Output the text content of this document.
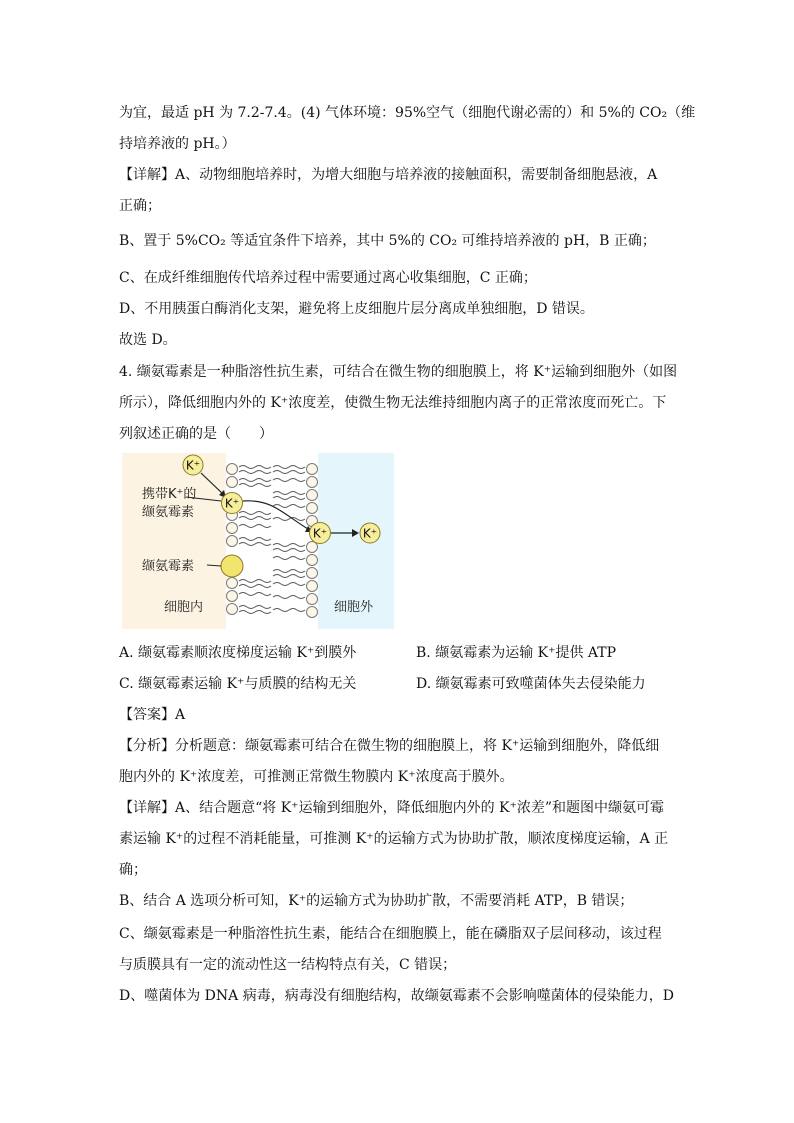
为宜，最适 pH 为 7.2-7.4。(4) 气体环境：95%空气（细胞代谢必需的）和 5%的 CO₂（维
持培养液的 pH。）
【详解】A、动物细胞培养时，为增大细胞与培养液的接触面积，需要制备细胞悬液，A
正确；
B、置于 5%CO₂ 等适宜条件下培养，其中 5%的 CO₂ 可维持培养液的 pH，B 正确；
C、在成纤维细胞传代培养过程中需要通过离心收集细胞，C 正确；
D、不用胰蛋白酶消化支架，避免将上皮细胞片层分离成单独细胞，D 错误。
故选 D。
4. 缬氨霉素是一种脂溶性抗生素，可结合在微生物的细胞膜上，将 K⁺运输到细胞外（如图
所示），降低细胞内外的 K⁺浓度差，使微生物无法维持细胞内离子的正常浓度而死亡。下
列叙述正确的是（　　）
K⁺
K⁺
K⁺	K⁺
携带K⁺的
缬氨霉素
缬氨霉素
细胞内	细胞外
A. 缬氨霉素顺浓度梯度运输 K⁺到膜外	B. 缬氨霉素为运输 K⁺提供 ATP
C. 缬氨霉素运输 K⁺与质膜的结构无关	D. 缬氨霉素可致噬菌体失去侵染能力
【答案】A
【分析】分析题意：缬氨霉素可结合在微生物的细胞膜上，将 K⁺运输到细胞外，降低细
胞内外的 K⁺浓度差，可推测正常微生物膜内 K⁺浓度高于膜外。
【详解】A、结合题意“将 K⁺运输到细胞外，降低细胞内外的 K⁺浓差”和题图中缬氨可霉
素运输 K⁺的过程不消耗能量，可推测 K⁺的运输方式为协助扩散，顺浓度梯度运输，A 正
确；
B、结合 A 选项分析可知，K⁺的运输方式为协助扩散，不需要消耗 ATP，B 错误；
C、缬氨霉素是一种脂溶性抗生素，能结合在细胞膜上，能在磷脂双子层间移动，该过程
与质膜具有一定的流动性这一结构特点有关，C 错误；
D、噬菌体为 DNA 病毒，病毒没有细胞结构，故缬氨霉素不会影响噬菌体的侵染能力，D
